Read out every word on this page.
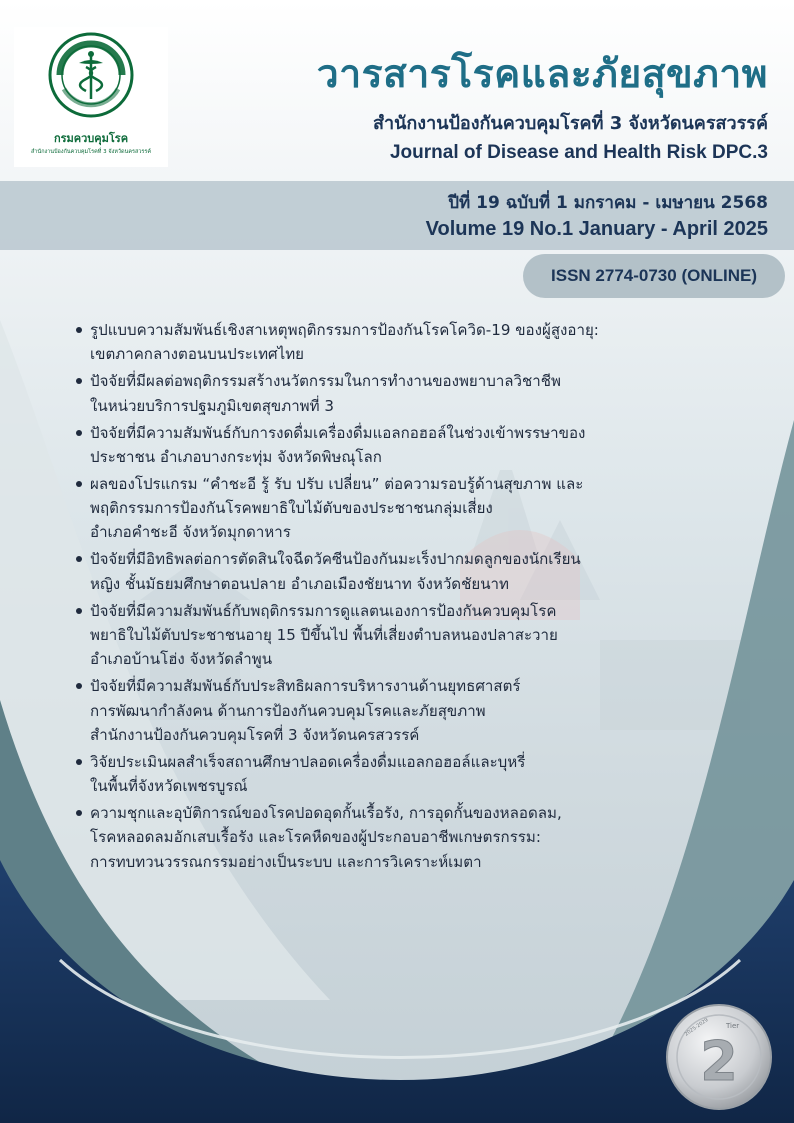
กรมควบคุมโรค
สำนักงานป้องกันควบคุมโรคที่ 3 จังหวัดนครสวรรค์
วารสารโรคและภัยสุขภาพ
สำนักงานป้องกันควบคุมโรคที่ 3 จังหวัดนครสวรรค์
Journal of Disease and Health Risk DPC.3
ปีที่ 19 ฉบับที่ 1 มกราคม - เมษายน 2568
Volume 19 No.1 January - April 2025
ISSN 2774-0730 (ONLINE)
รูปแบบความสัมพันธ์เชิงสาเหตุพฤติกรรมการป้องกันโรคโควิด-19 ของผู้สูงอายุ:
เขตภาคกลางตอนบนประเทศไทย
ปัจจัยที่มีผลต่อพฤติกรรมสร้างนวัตกรรมในการทำงานของพยาบาลวิชาชีพ
ในหน่วยบริการปฐมภูมิเขตสุขภาพที่ 3
ปัจจัยที่มีความสัมพันธ์กับการงดดื่มเครื่องดื่มแอลกอฮอล์ในช่วงเข้าพรรษาของ
ประชาชน อำเภอบางกระทุ่ม จังหวัดพิษณุโลก
ผลของโปรแกรม “คำชะอี รู้ รับ ปรับ เปลี่ยน” ต่อความรอบรู้ด้านสุขภาพ และ
พฤติกรรมการป้องกันโรคพยาธิใบไม้ตับของประชาชนกลุ่มเสี่ยง
อำเภอคำชะอี จังหวัดมุกดาหาร
ปัจจัยที่มีอิทธิพลต่อการตัดสินใจฉีดวัคซีนป้องกันมะเร็งปากมดลูกของนักเรียน
หญิง ชั้นมัธยมศึกษาตอนปลาย อำเภอเมืองชัยนาท จังหวัดชัยนาท
ปัจจัยที่มีความสัมพันธ์กับพฤติกรรมการดูแลตนเองการป้องกันควบคุมโรค
พยาธิใบไม้ตับประชาชนอายุ 15 ปีขึ้นไป พื้นที่เสี่ยงตำบลหนองปลาสะวาย
อำเภอบ้านโฮ่ง จังหวัดลำพูน
ปัจจัยที่มีความสัมพันธ์กับประสิทธิผลการบริหารงานด้านยุทธศาสตร์
การพัฒนากำลังคน ด้านการป้องกันควบคุมโรคและภัยสุขภาพ
สำนักงานป้องกันควบคุมโรคที่ 3 จังหวัดนครสวรรค์
วิจัยประเมินผลสำเร็จสถานศึกษาปลอดเครื่องดื่มแอลกอฮอล์และบุหรี่
ในพื้นที่จังหวัดเพชรบูรณ์
ความชุกและอุบัติการณ์ของโรคปอดอุดกั้นเรื้อรัง, การอุดกั้นของหลอดลม,
โรคหลอดลมอักเสบเรื้อรัง และโรคหืดของผู้ประกอบอาชีพเกษตรกรรม:
การทบทวนวรรณกรรมอย่างเป็นระบบ และการวิเคราะห์เมตา
Tier
2025-2029
2
